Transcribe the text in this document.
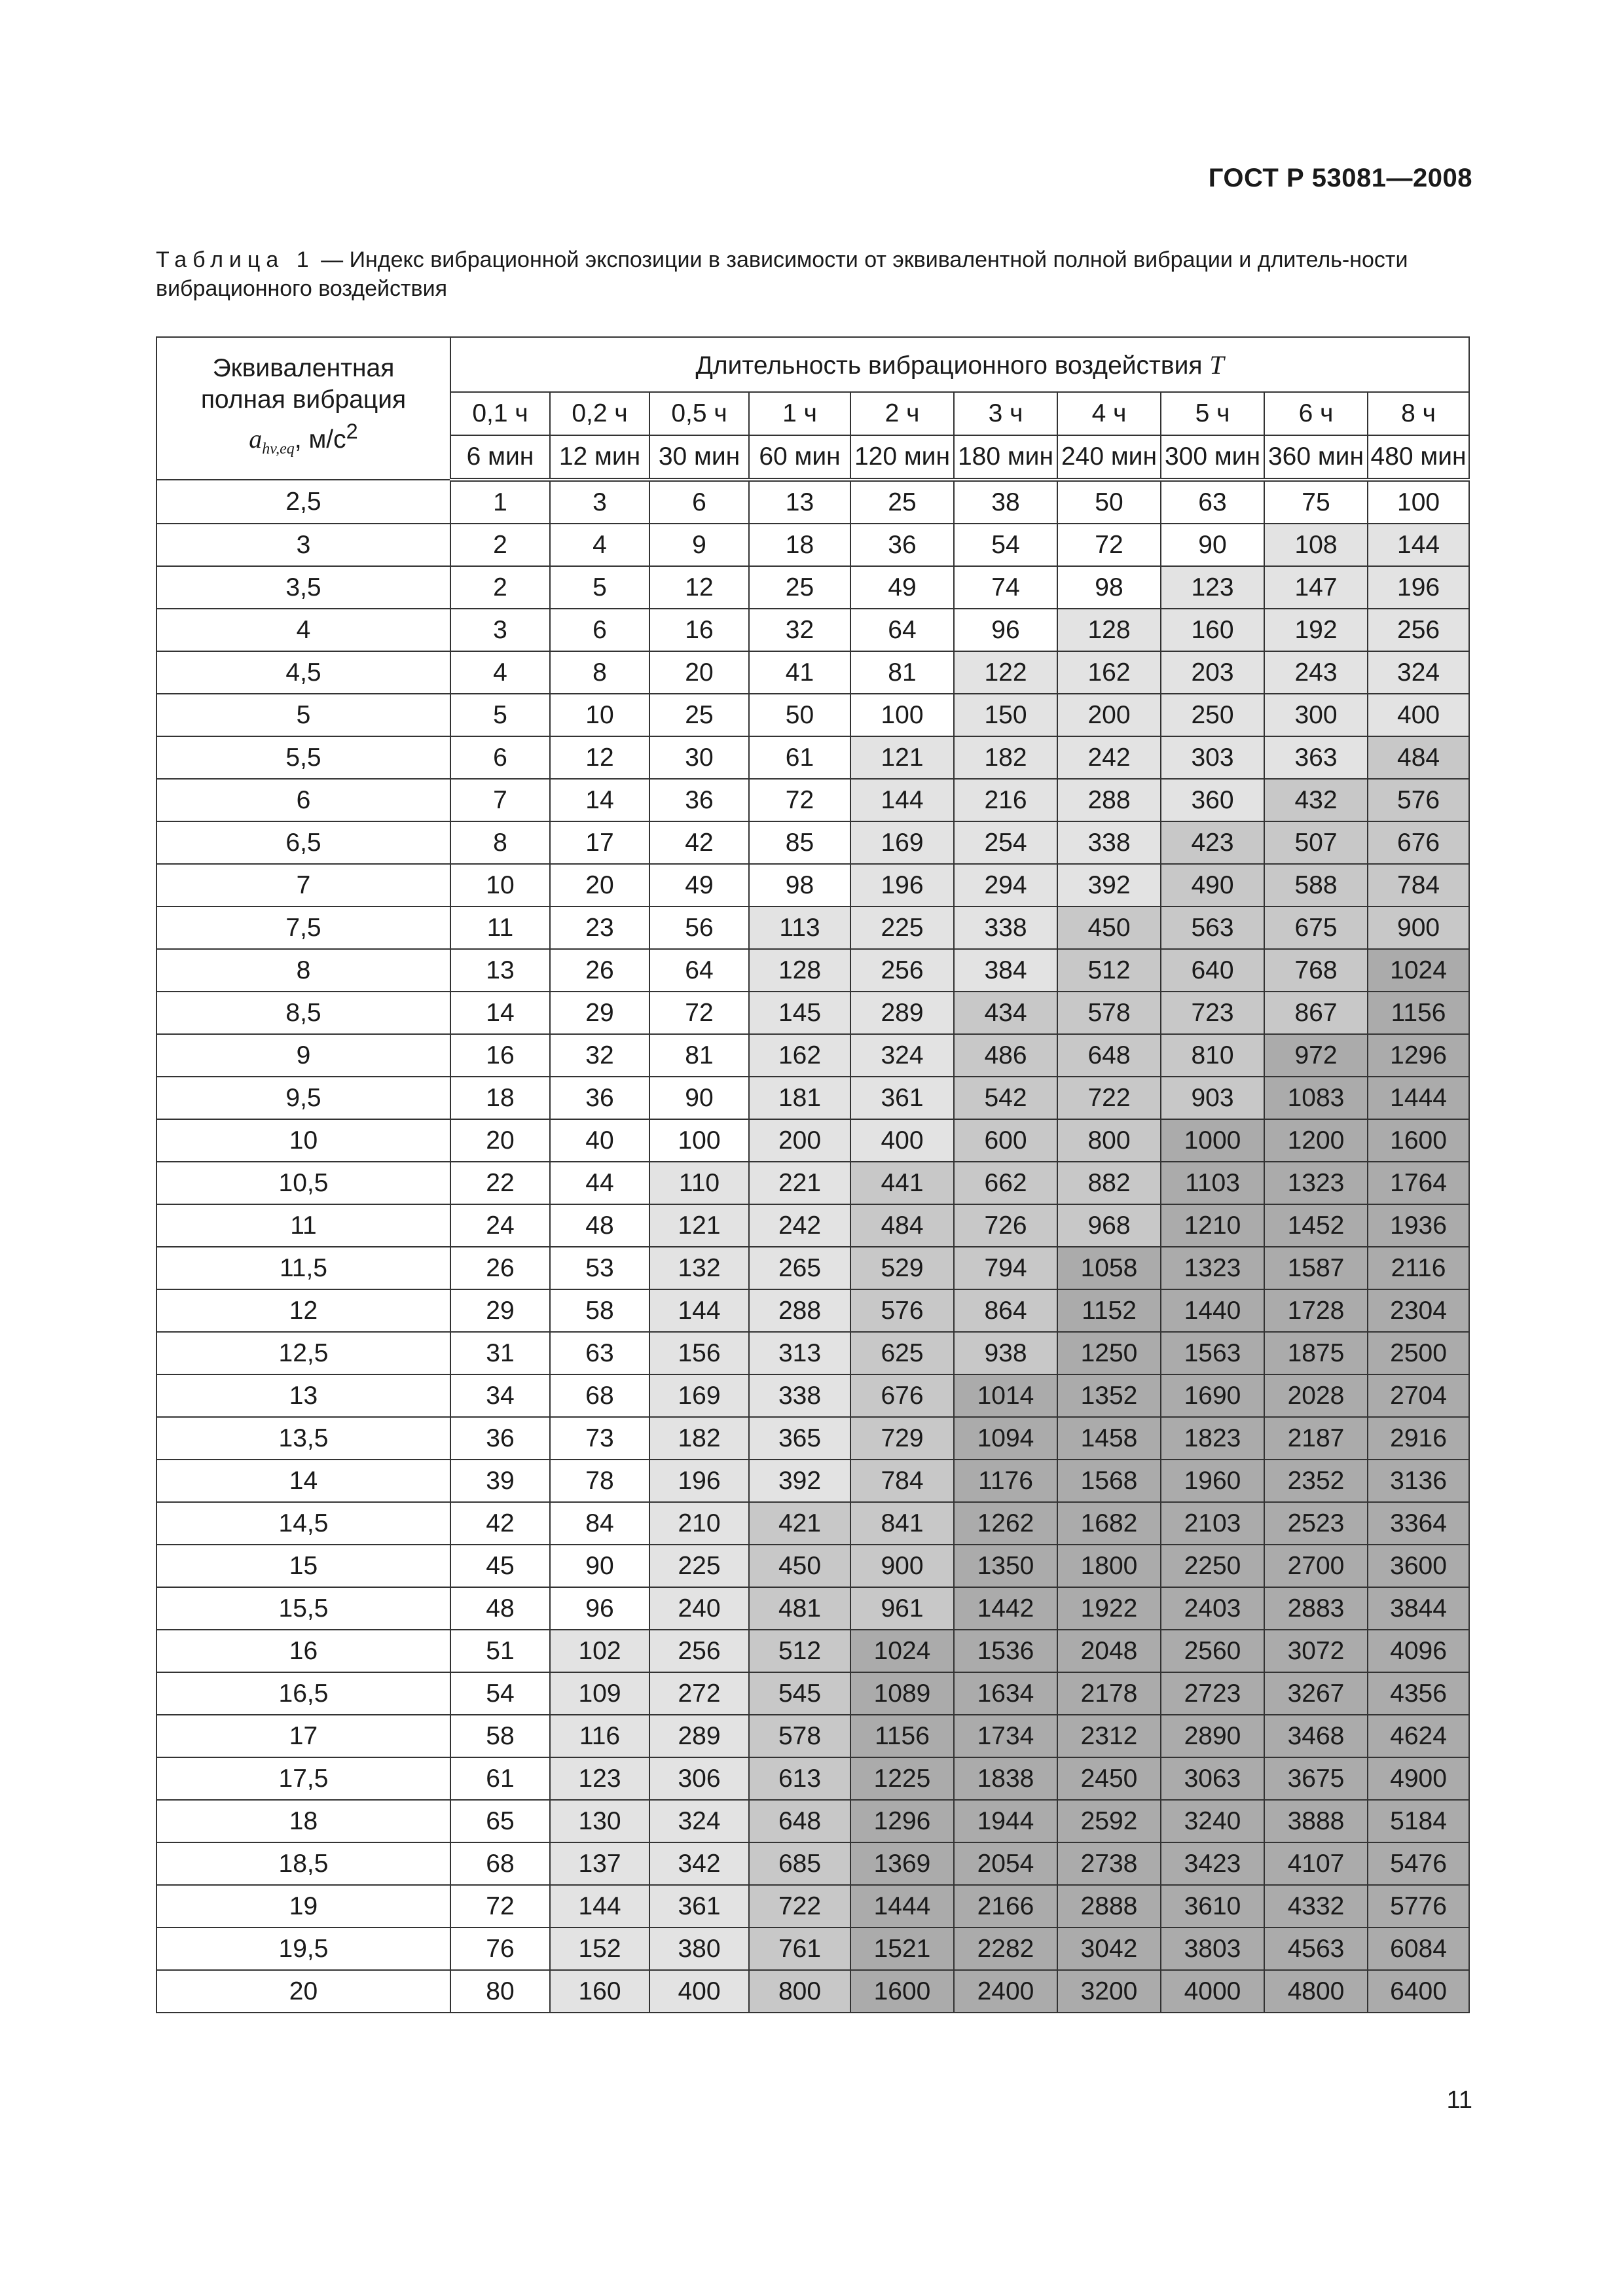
ГОСТ Р 53081—2008
Таблица 1 — Индекс вибрационной экспозиции в зависимости от эквивалентной полной вибрации и длитель-ности вибрационного воздействия
Эквивалентная
полная вибрация
$a_{hv,eq}$, $м/с^2$	Длительность вибрационного воздействия T									
	0,1 ч	0,2 ч	0,5 ч	1 ч	2 ч	3 ч	4 ч	5 ч	6 ч	8 ч
	6 мин	12 мин	30 мин	60 мин	120 мин	180 мин	240 мин	300 мин	360 мин	480 мин
2,5	1	3	6	13	25	38	50	63	75	100
3	2	4	9	18	36	54	72	90	108	144
3,5	2	5	12	25	49	74	98	123	147	196
4	3	6	16	32	64	96	128	160	192	256
4,5	4	8	20	41	81	122	162	203	243	324
5	5	10	25	50	100	150	200	250	300	400
5,5	6	12	30	61	121	182	242	303	363	484
6	7	14	36	72	144	216	288	360	432	576
6,5	8	17	42	85	169	254	338	423	507	676
7	10	20	49	98	196	294	392	490	588	784
7,5	11	23	56	113	225	338	450	563	675	900
8	13	26	64	128	256	384	512	640	768	1024
8,5	14	29	72	145	289	434	578	723	867	1156
9	16	32	81	162	324	486	648	810	972	1296
9,5	18	36	90	181	361	542	722	903	1083	1444
10	20	40	100	200	400	600	800	1000	1200	1600
10,5	22	44	110	221	441	662	882	1103	1323	1764
11	24	48	121	242	484	726	968	1210	1452	1936
11,5	26	53	132	265	529	794	1058	1323	1587	2116
12	29	58	144	288	576	864	1152	1440	1728	2304
12,5	31	63	156	313	625	938	1250	1563	1875	2500
13	34	68	169	338	676	1014	1352	1690	2028	2704
13,5	36	73	182	365	729	1094	1458	1823	2187	2916
14	39	78	196	392	784	1176	1568	1960	2352	3136
14,5	42	84	210	421	841	1262	1682	2103	2523	3364
15	45	90	225	450	900	1350	1800	2250	2700	3600
15,5	48	96	240	481	961	1442	1922	2403	2883	3844
16	51	102	256	512	1024	1536	2048	2560	3072	4096
16,5	54	109	272	545	1089	1634	2178	2723	3267	4356
17	58	116	289	578	1156	1734	2312	2890	3468	4624
17,5	61	123	306	613	1225	1838	2450	3063	3675	4900
18	65	130	324	648	1296	1944	2592	3240	3888	5184
18,5	68	137	342	685	1369	2054	2738	3423	4107	5476
19	72	144	361	722	1444	2166	2888	3610	4332	5776
19,5	76	152	380	761	1521	2282	3042	3803	4563	6084
20	80	160	400	800	1600	2400	3200	4000	4800	6400
11
